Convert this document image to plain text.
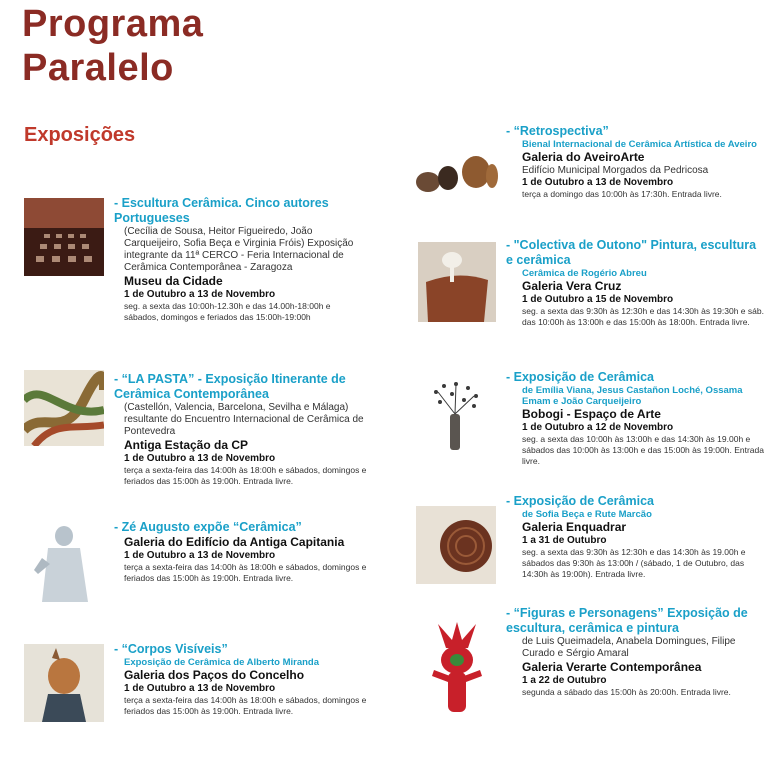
Programa
Paralelo
Exposições
- Escultura Cerâmica. Cinco autores Portugueses
(Cecília de Sousa, Heitor Figueiredo, João Carqueijeiro, Sofia Beça e Virginia Fróis) Exposição integrante da 11ª CERCO - Feria Internacional de Cerâmica Contemporânea - Zaragoza
Museu da Cidade
1 de Outubro a 13 de Novembro
seg. a sexta das 10:00h-12.30h e das 14.00h-18:00h e sábados, domingos e feriados das 15:00h-19:00h
- “LA PASTA” - Exposição Itinerante de Cerâmica Contemporânea
(Castellón, Valencia, Barcelona, Sevilha e Málaga) resultante do Encuentro Internacional de Cerâmica de Pontevedra
Antiga Estação da CP
1 de Outubro a 13 de Novembro
terça a sexta-feira das 14:00h às 18:00h e sábados, domingos e feriados das 15:00h às 19:00h. Entrada livre.
- Zé Augusto expõe “Cerâmica”
Galeria do Edifício da Antiga Capitania
1 de Outubro a 13 de Novembro
terça a sexta-feira das 14:00h às 18:00h e sábados, domingos e feriados das 15:00h às 19:00h. Entrada livre.
- “Corpos Visíveis”
Exposição de Cerâmica de Alberto Miranda
Galeria dos Paços do Concelho
1 de Outubro a 13 de Novembro
terça a sexta-feira das 14:00h às 18:00h e sábados, domingos e feriados das 15:00h às 19:00h. Entrada livre.
- “Retrospectiva”
Bienal Internacional de Cerâmica Artística de Aveiro
Galeria do AveiroArte
Edifício Municipal Morgados da Pedricosa
1 de Outubro a 13 de Novembro
terça a domingo das 10:00h às 17:30h. Entrada livre.
- "Colectiva de Outono" Pintura, escultura e cerâmica
Cerâmica de Rogério Abreu
Galeria Vera Cruz
1 de Outubro a 15 de Novembro
seg. a sexta das 9:30h às 12:30h e das 14:30h às 19:30h e sáb. das 10:00h às 13:00h e das 15:00h às 18:00h. Entrada livre.
- Exposição de Cerâmica
de Emília Viana, Jesus Castañon Loché, Ossama Emam e João Carqueijeiro
Bobogi - Espaço de Arte
1 de Outubro a 12 de Novembro
seg. a sexta das 10:00h às 13:00h e das 14:30h às 19.00h e sábados das 10:00h às 13:00h e das 15:00h às 19:00h. Entrada livre.
- Exposição de Cerâmica
de Sofia Beça e Rute Marcão
Galeria Enquadrar
1 a 31 de Outubro
seg. a sexta das 9:30h às 12:30h e das 14:30h às 19.00h e sábados das 9:30h às 13:00h / (sábado, 1 de Outubro, das 14:30h às 19:00h). Entrada livre.
- “Figuras e Personagens” Exposição de escultura, cerâmica e pintura
de Luis Queimadela, Anabela Domingues, Filipe Curado e Sérgio Amaral
Galeria Verarte Contemporânea
1 a 22 de Outubro
segunda a sábado das 15:00h às 20:00h. Entrada livre.
